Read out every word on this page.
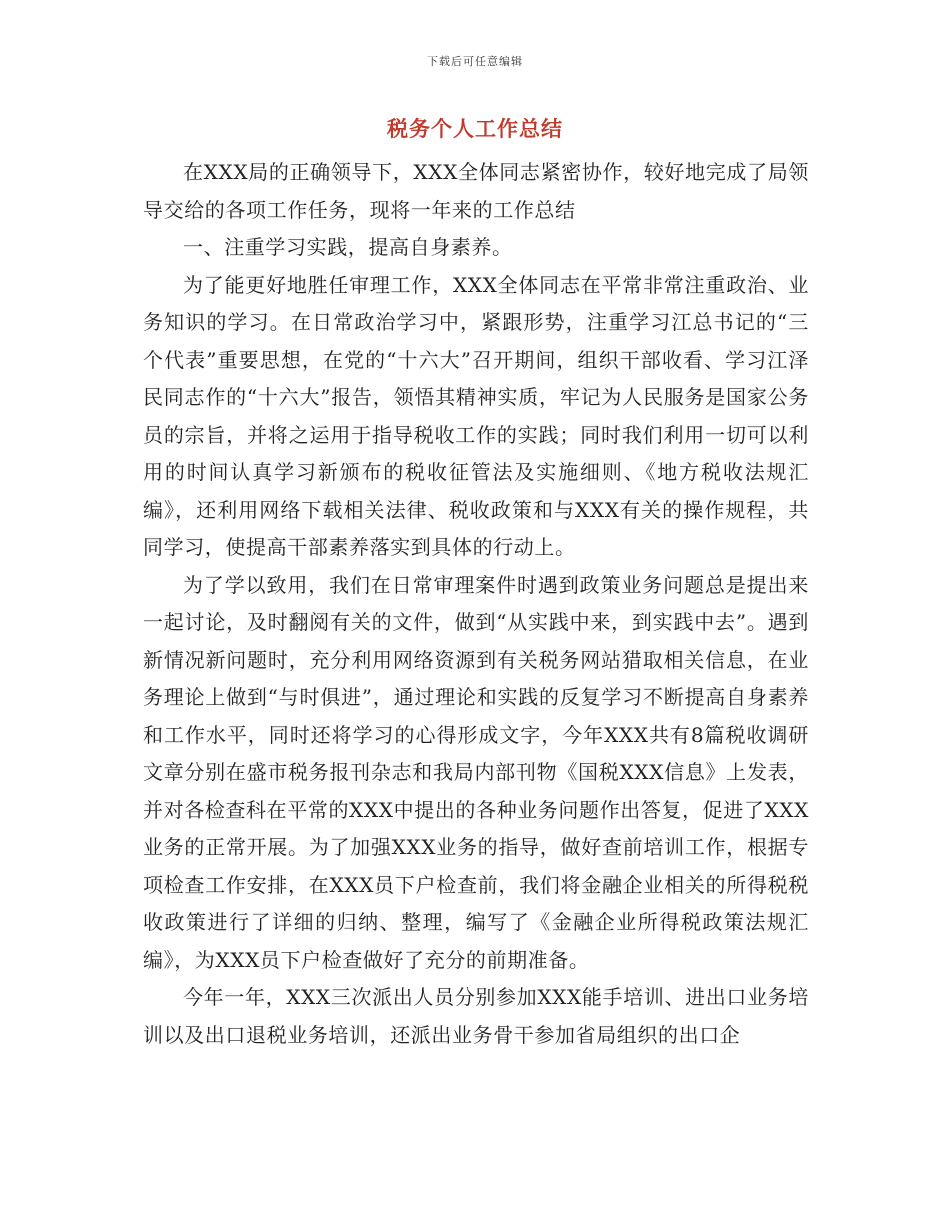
下载后可任意编辑
税务个人工作总结

在XXX局的正确领导下，XXX全体同志紧密协作，较好地完成了局领导交给的各项工作任务，现将一年来的工作总结

一、注重学习实践，提高自身素养。

为了能更好地胜任审理工作，XXX全体同志在平常非常注重政治、业务知识的学习。在日常政治学习中，紧跟形势，注重学习江总书记的“三个代表”重要思想，在党的“十六大”召开期间，组织干部收看、学习江泽民同志作的“十六大”报告，领悟其精神实质，牢记为人民服务是国家公务员的宗旨，并将之运用于指导税收工作的实践；同时我们利用一切可以利用的时间认真学习新颁布的税收征管法及实施细则、《地方税收法规汇编》，还利用网络下载相关法律、税收政策和与XXX有关的操作规程，共同学习，使提高干部素养落实到具体的行动上。

为了学以致用，我们在日常审理案件时遇到政策业务问题总是提出来一起讨论，及时翻阅有关的文件，做到“从实践中来，到实践中去”。遇到新情况新问题时，充分利用网络资源到有关税务网站猎取相关信息，在业务理论上做到“与时俱进”，通过理论和实践的反复学习不断提高自身素养和工作水平，同时还将学习的心得形成文字，今年XXX共有8篇税收调研文章分别在盛市税务报刊杂志和我局内部刊物《国税XXX信息》上发表，并对各检查科在平常的XXX中提出的各种业务问题作出答复，促进了XXX业务的正常开展。为了加强XXX业务的指导，做好查前培训工作，根据专项检查工作安排，在XXX员下户检查前，我们将金融企业相关的所得税税收政策进行了详细的归纳、整理，编写了《金融企业所得税政策法规汇编》，为XXX员下户检查做好了充分的前期准备。

今年一年，XXX三次派出人员分别参加XXX能手培训、进出口业务培训以及出口退税业务培训，还派出业务骨干参加省局组织的出口企
